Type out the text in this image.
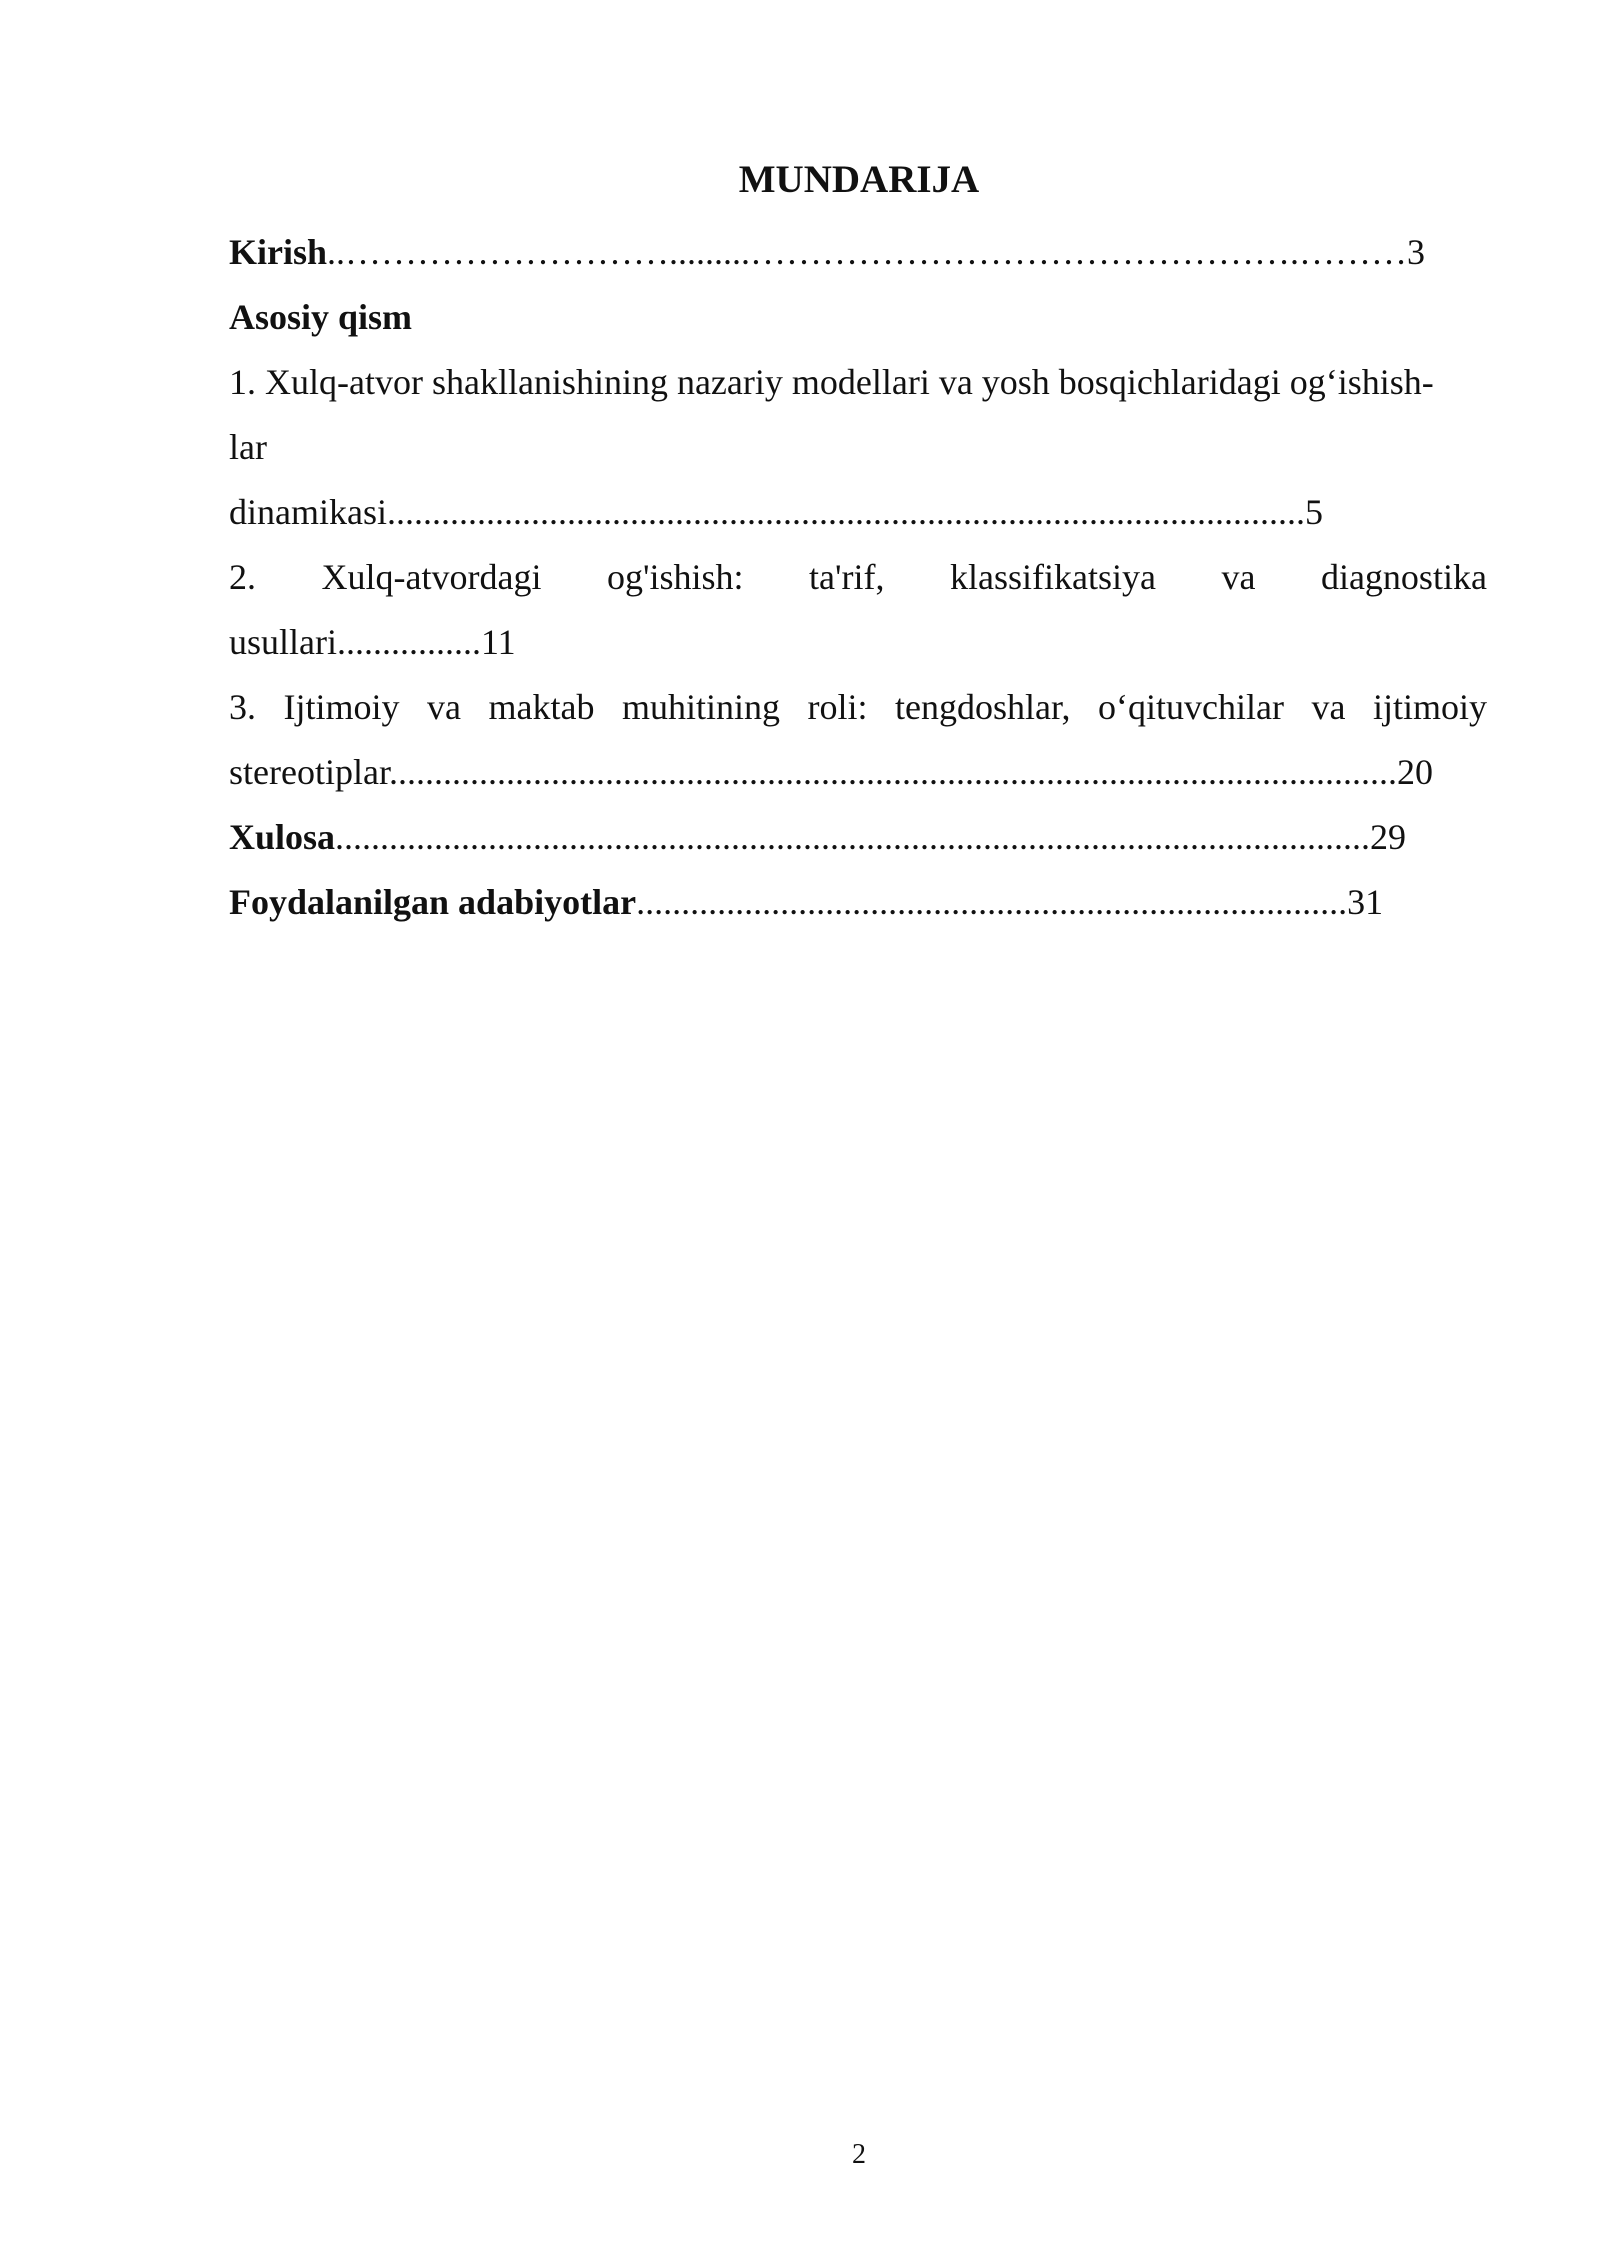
MUNDARIJA
Kirish..……………………….........……………………………………….………3
Asosiy qism
1. Xulq-atvor shakllanishining nazariy modellari va yosh bosqichlaridagi og‘ishish-
lar
dinamikasi......................................................................................................5
2. Xulq-atvordagi og'ishish: ta'rif, klassifikatsiya va diagnostika
usullari................11
3. Ijtimoiy va maktab muhitining roli: tengdoshlar, o‘qituvchilar va ijtimoiy
stereotiplar................................................................................................................20
Xulosa...................................................................................................................29
Foydalanilgan adabiyotlar...............................................................................31
2
